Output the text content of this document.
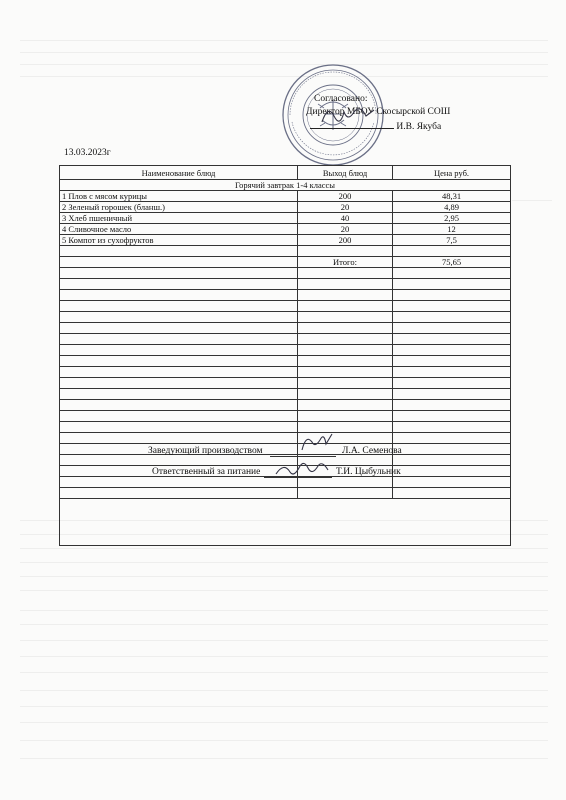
Согласовано:
Директор МБОУ Скосырской СОШ
И.В. Якуба
13.03.2023г
Наименование блюд	Выход блюд	Цена руб.
Горячий завтрак 1-4 классы		
1 Плов с мясом курицы	200	48,31
2 Зеленый горошек (бланш.)	20	4,89
3 Хлеб пшеничный	40	2,95
4 Сливочное масло	20	12
5 Компот из сухофруктов	200	7,5

	Итого:	75,65

Заведующий производством	Л.А. Семенова
Ответственный за питание	Т.И. Цыбульник
